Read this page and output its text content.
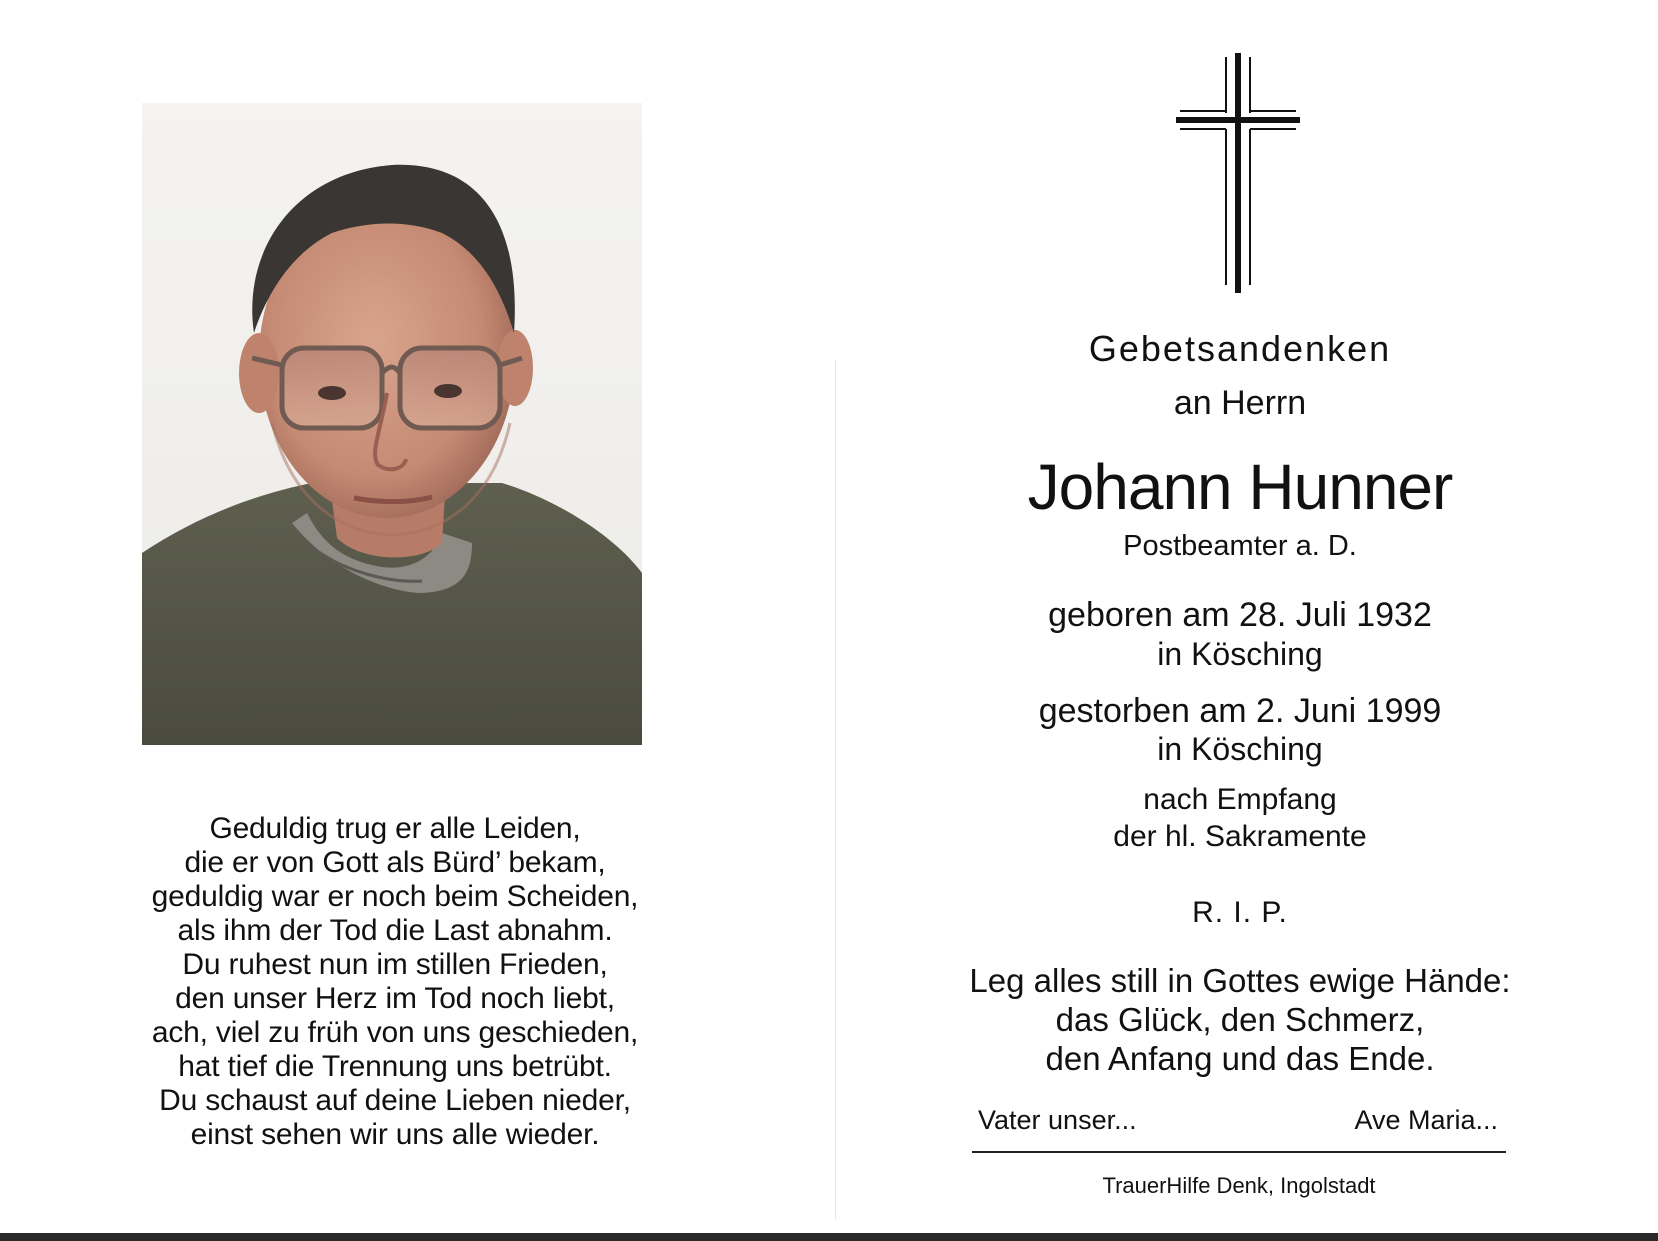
Geduldig trug er alle Leiden,
die er von Gott als Bürd’ bekam,
geduldig war er noch beim Scheiden,
als ihm der Tod die Last abnahm.
Du ruhest nun im stillen Frieden,
den unser Herz im Tod noch liebt,
ach, viel zu früh von uns geschieden,
hat tief die Trennung uns betrübt.
Du schaust auf deine Lieben nieder,
einst sehen wir uns alle wieder.
Gebetsandenken
an Herrn
Johann Hunner
Postbeamter a. D.
geboren am 28. Juli 1932
in Kösching
gestorben am 2. Juni 1999
in Kösching
nach Empfang
der hl. Sakramente
R. I. P.
Leg alles still in Gottes ewige Hände:
das Glück, den Schmerz,
den Anfang und das Ende.
Vater unser...	Ave Maria...
TrauerHilfe Denk, Ingolstadt
